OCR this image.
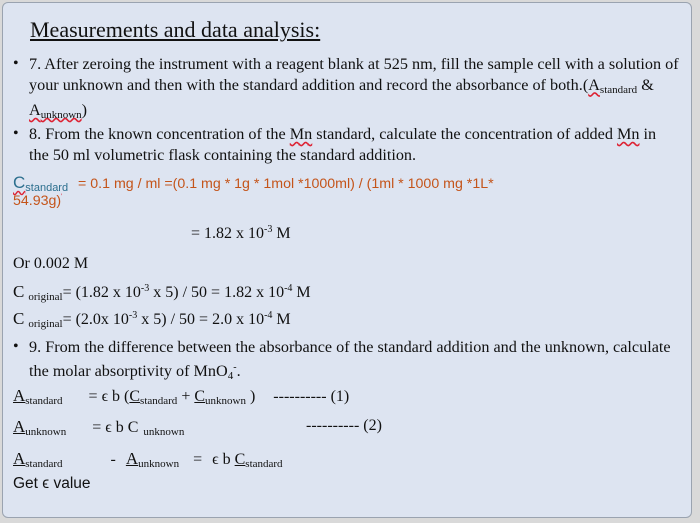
Measurements and data analysis:
• 7. After zeroing the instrument with a reagent blank at 525 nm, fill the sample cell with a solution of your unknown and then with the standard addition and record the absorbance of $both.(A_{standard}$ & $A_{unknown}$)
• 8. From the known concentration of the Mn standard, calculate the concentration of added Mn in the 50 ml volumetric flask containing the standard addition.
$C_{standard} = 0.1$ mg / ml =(0.1 mg * 1g * 1mol *1000ml) / (1ml * 1000 mg *1L*
54.93g)
= 1.82 x $10^{-3}$ M
Or 0.002 M
C $_{original}$= (1.82 x $10^{-3}$ x 5) / 50 = 1.82 x $10^{-4}$ M
C $_{original}$= (2.0x $10^{-3}$ x 5) / 50 = 2.0 x $10^{-4}$ M
• 9. From the difference between the absorbance of the standard addition and the unknown, calculate the molar absorptivity of MnO$_4$-.
$A_{standard} = \epsilon$ b ($C_{standard} + C_{unknown}$ ) ---------- (1)
$A_{unknown} = \epsilon$ b C $_{unknown}$	---------- (2)
$A_{standard}$	- $A_{unknown} = \epsilon$ b $C_{standard}$
Get ϵ value
